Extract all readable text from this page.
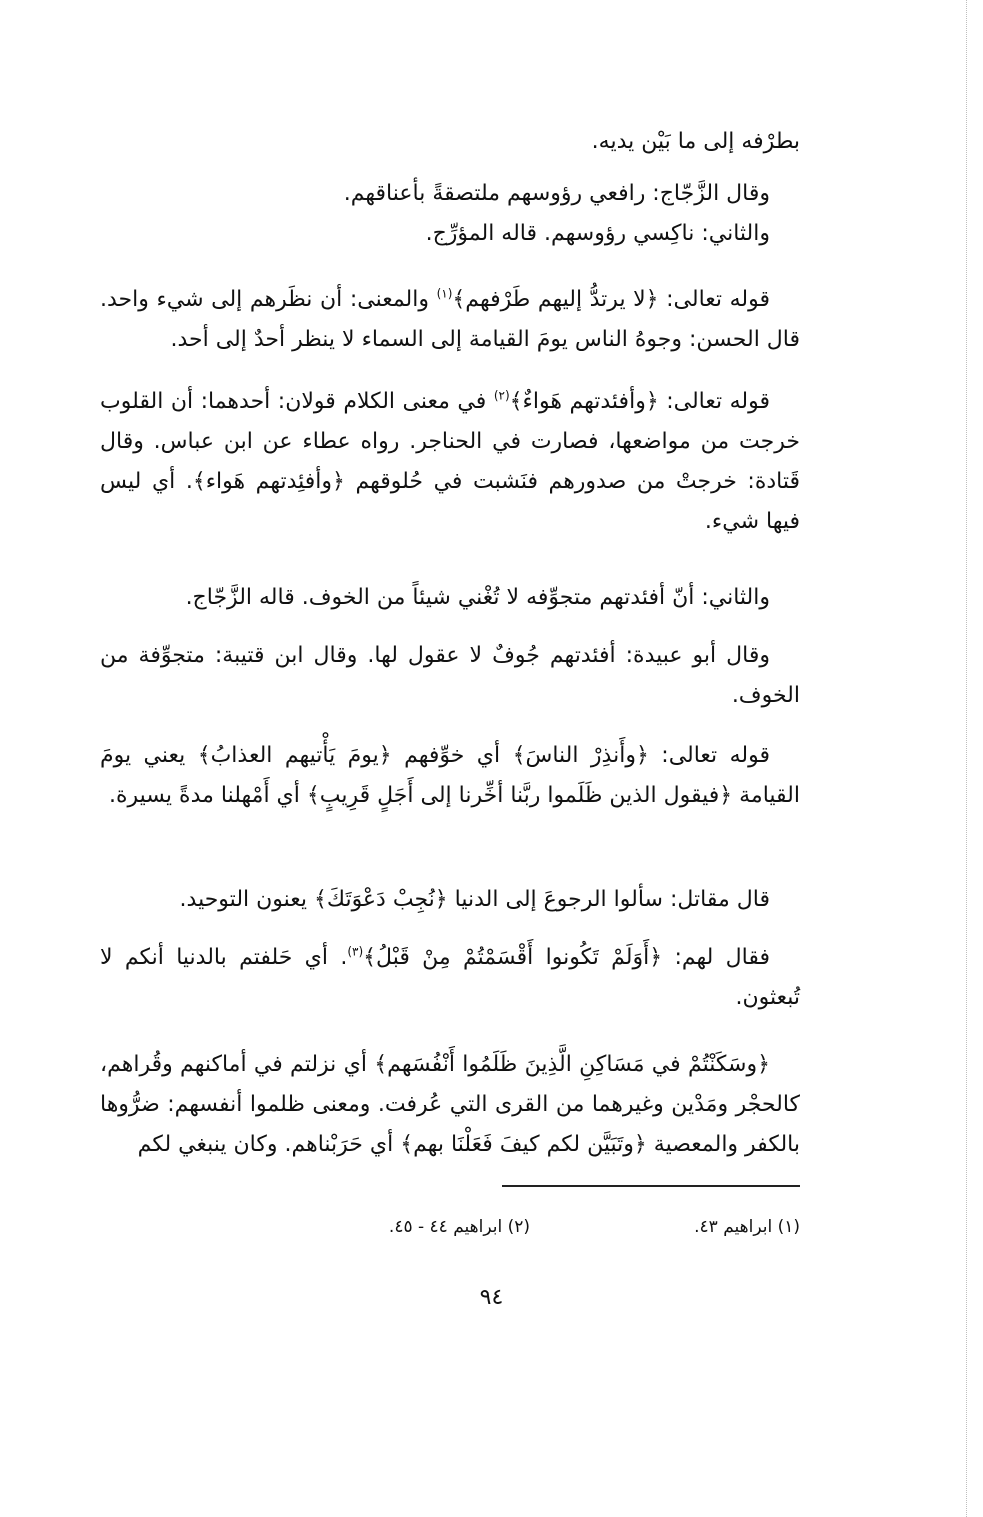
بطرْفه إلى ما بَيْن يديه.

وقال الزَّجّاج: رافعي رؤوسهم ملتصقةً بأعناقهم.

والثاني: ناكِسي رؤوسهم. قاله المؤرِّج.

قوله تعالى: ﴿لا يرتدُّ إليهم طَرْفهم﴾$^{(١)}$ والمعنى: أن نظَرهم إلى شيء واحد. قال الحسن: وجوهُ الناس يومَ القيامة إلى السماء لا ينظر أحدٌ إلى أحد.

قوله تعالى: ﴿وأفئدتهم هَواءٌ﴾$^{(٢)}$ في معنى الكلام قولان: أحدهما: أن القلوب خرجت من مواضعها، فصارت في الحناجر. رواه عطاء عن ابن عباس. وقال قَتادة: خرجتْ من صدورهم فنَشبت في حُلوقهم ﴿وأفئِدتهم هَواء﴾. أي ليس فيها شيء.

والثاني: أنّ أفئدتهم متجوِّفه لا تُغْني شيئاً من الخوف. قاله الزَّجّاج.

وقال أبو عبيدة: أفئدتهم جُوفٌ لا عقول لها. وقال ابن قتيبة: متجوِّفة من الخوف.

قوله تعالى: ﴿وأَنذِرْ الناسَ﴾ أي خوِّفهم ﴿يومَ يَأْتيهم العذابُ﴾ يعني يومَ القيامة ﴿فيقول الذين ظَلَموا ربَّنا أخِّرنا إلى أَجَلٍ قَرِيبٍ﴾ أي أَمْهلنا مدةً يسيرة.

قال مقاتل: سألوا الرجوعَ إلى الدنيا ﴿نُجِبْ دَعْوَتَكَ﴾ يعنون التوحيد.

فقال لهم: ﴿أَوَلَمْ تَكُونوا أَقْسَمْتُمْ مِنْ قَبْلُ﴾$^{(٣)}$. أي حَلفتم بالدنيا أنكم لا تُبعثون.

﴿وسَكَنْتُمْ في مَسَاكِنِ الَّذِينَ ظَلَمُوا أَنْفُسَهم﴾ أي نزلتم في أماكنهم وقُراهم، كالحجْر ومَدْين وغيرهما من القرى التي عُرفت. ومعنى ظلموا أنفسهم: ضرُّوها بالكفر والمعصية ﴿وتَبَيَّن لكم كيفَ فَعَلْنَا بهم﴾ أي حَرَبْناهم. وكان ينبغي لكم

(١) ابراهيم ٤٣.
(٢) ابراهيم ٤٤ - ٤٥.
٩٤
